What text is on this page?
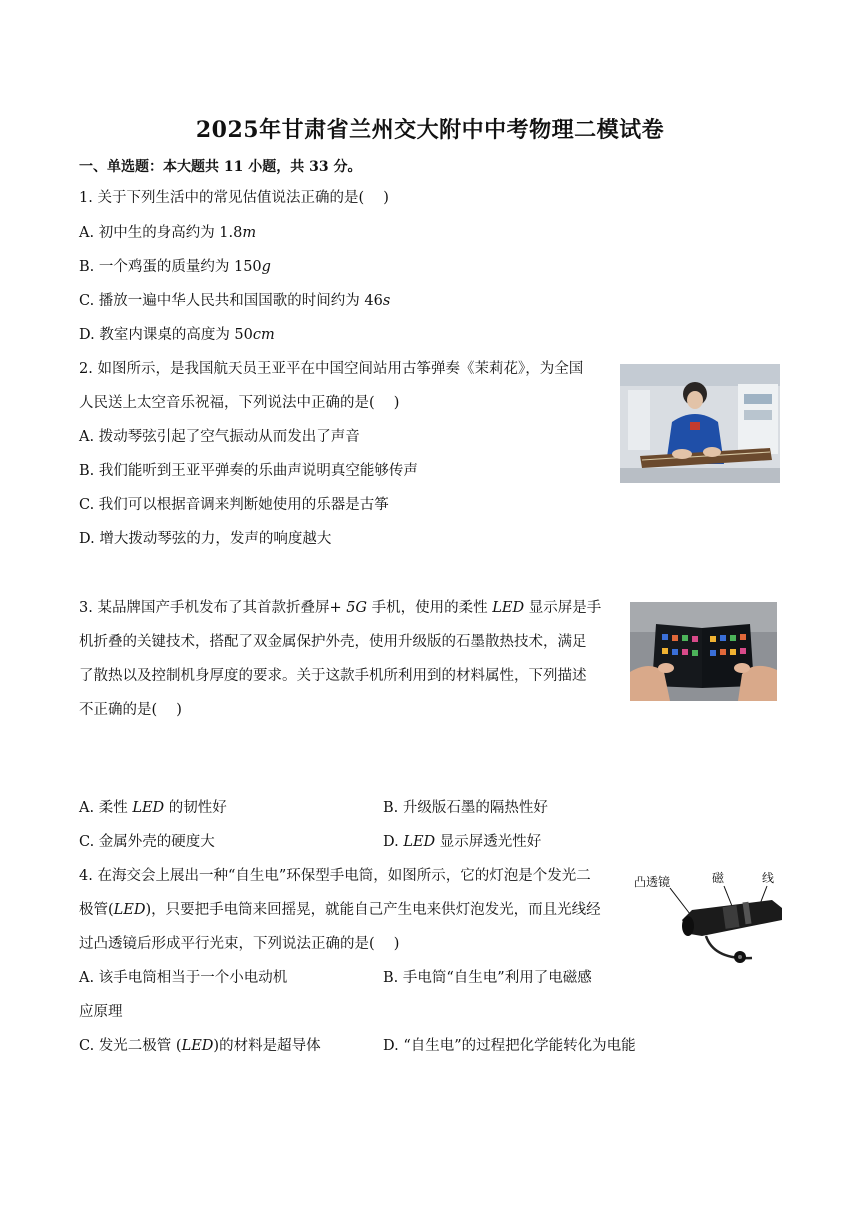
2025年甘肃省兰州交大附中中考物理二模试卷
一、单选题：本大题共 11 小题，共 33 分。
1. 关于下列生活中的常见估值说法正确的是(　 )
A. 初中生的身高约为 1.8m
B. 一个鸡蛋的质量约为 150g
C. 播放一遍中华人民共和国国歌的时间约为 46s
D. 教室内课桌的高度为 50cm
2. 如图所示，是我国航天员王亚平在中国空间站用古筝弹奏《茉莉花》，为全国
人民送上太空音乐祝福，下列说法中正确的是(　 )
A. 拨动琴弦引起了空气振动从而发出了声音
B. 我们能听到王亚平弹奏的乐曲声说明真空能够传声
C. 我们可以根据音调来判断她使用的乐器是古筝
D. 增大拨动琴弦的力，发声的响度越大
3. 某品牌国产手机发布了其首款折叠屏+ 5G 手机，使用的柔性 LED 显示屏是手
机折叠的关键技术，搭配了双金属保护外壳，使用升级版的石墨散热技术，满足
了散热以及控制机身厚度的要求。关于这款手机所利用到的材料属性，下列描述
不正确的是(　 )
A. 柔性 LED 的韧性好	B. 升级版石墨的隔热性好
C. 金属外壳的硬度大	D. LED 显示屏透光性好
4. 在海交会上展出一种“自生电”环保型手电筒，如图所示，它的灯泡是个发光二
极管(LED)，只要把手电筒来回摇晃，就能自己产生电来供灯泡发光，而且光线经
过凸透镜后形成平行光束，下列说法正确的是(　 )
A. 该手电筒相当于一个小电动机	B. 手电筒“自生电”利用了电磁感
应原理
C. 发光二极管 (LED)的材料是超导体	D. “自生电”的过程把化学能转化为电能
凸透镜	磁	线
